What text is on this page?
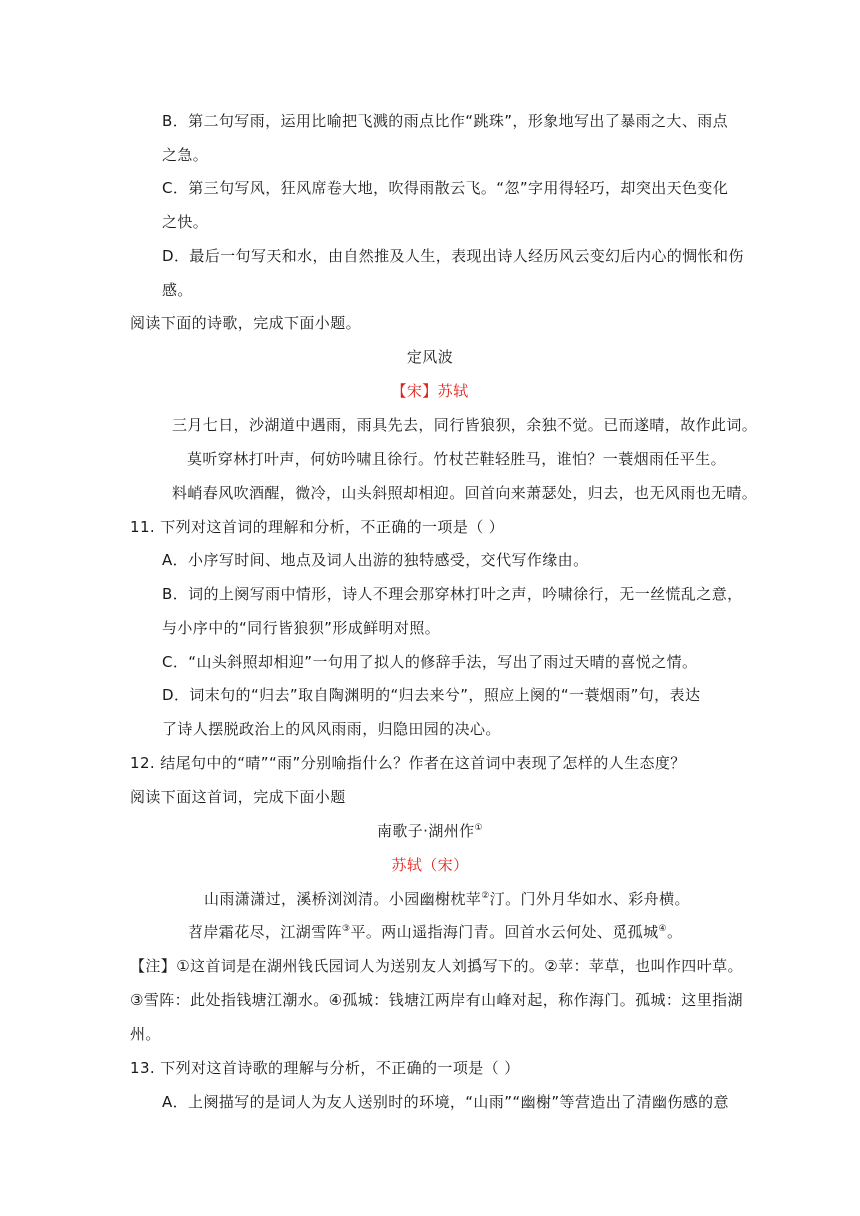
B．第二句写雨，运用比喻把飞溅的雨点比作“跳珠”，形象地写出了暴雨之大、雨点
之急。
C．第三句写风，狂风席卷大地，吹得雨散云飞。“忽”字用得轻巧，却突出天色变化
之快。
D．最后一句写天和水，由自然推及人生，表现出诗人经历风云变幻后内心的惆怅和伤
感。
阅读下面的诗歌，完成下面小题。
定风波
【宋】苏轼
三月七日，沙湖道中遇雨，雨具先去，同行皆狼狈，余独不觉。已而遂晴，故作此词。
莫听穿林打叶声，何妨吟啸且徐行。竹杖芒鞋轻胜马，谁怕？一蓑烟雨任平生。
料峭春风吹酒醒，微冷，山头斜照却相迎。回首向来萧瑟处，归去，也无风雨也无晴。
11. 下列对这首词的理解和分析，不正确的一项是（ ）
A．小序写时间、地点及词人出游的独特感受，交代写作缘由。
B．词的上阕写雨中情形，诗人不理会那穿林打叶之声，吟啸徐行，无一丝慌乱之意，
与小序中的“同行皆狼狈”形成鲜明对照。
C．“山头斜照却相迎”一句用了拟人的修辞手法，写出了雨过天晴的喜悦之情。
D．词末句的“归去”取自陶渊明的“归去来兮”，照应上阕的“一蓑烟雨”句，表达
了诗人摆脱政治上的风风雨雨，归隐田园的决心。
12. 结尾句中的“晴”“雨”分别喻指什么？作者在这首词中表现了怎样的人生态度？
阅读下面这首词，完成下面小题
南歌子·湖州作①
苏轼（宋）
山雨潇潇过，溪桥浏浏清。小园幽榭枕苹②汀。门外月华如水、彩舟横。
苕岸霜花尽，江湖雪阵③平。两山遥指海门青。回首水云何处、觅孤城④。
【注】①这首词是在湖州钱氏园词人为送别友人刘撝写下的。②苹：苹草，也叫作四叶草。
③雪阵：此处指钱塘江潮水。④孤城：钱塘江两岸有山峰对起，称作海门。孤城：这里指湖
州。
13. 下列对这首诗歌的理解与分析，不正确的一项是（ ）
A．上阕描写的是词人为友人送别时的环境，“山雨”“幽榭”等营造出了清幽伤感的意
